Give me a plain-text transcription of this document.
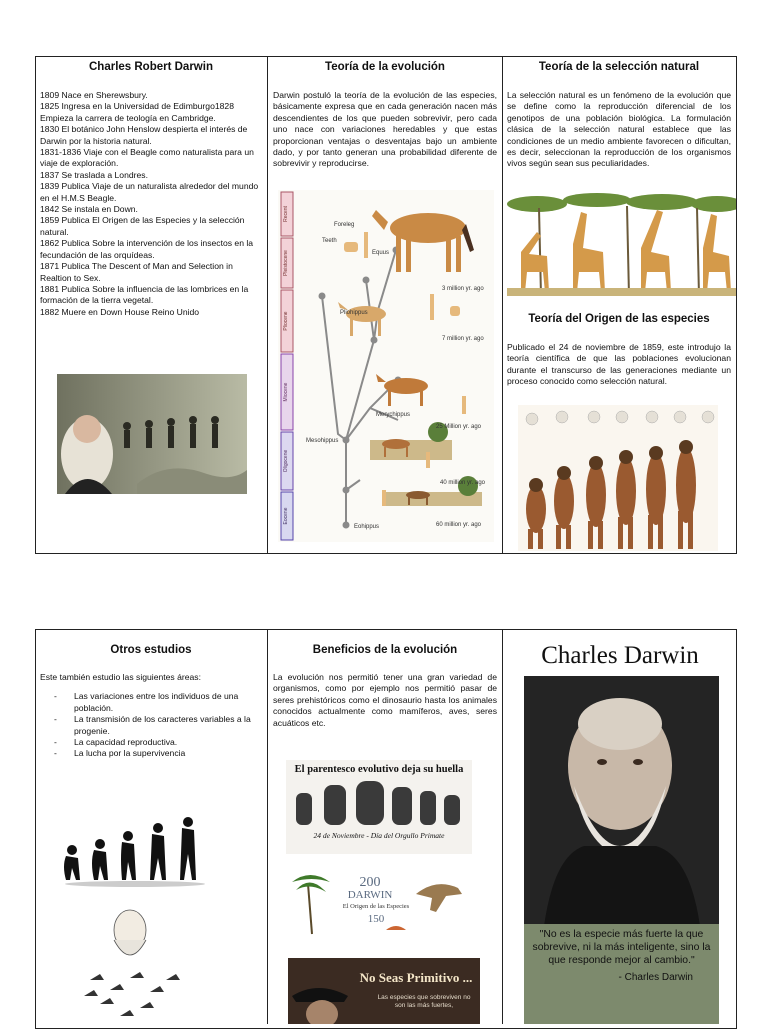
Charles Robert Darwin
1809 Nace en Sherewsbury.
1825 Ingresa en la Universidad de Edimburgo1828 Empieza la carrera de teología en Cambridge.
1830 El botánico John Henslow despierta el interés de Darwin por la historia natural.
1831-1836 Viaje con el Beagle como naturalista para un viaje de exploración.
1837 Se traslada a Londres.
1839 Publica Viaje de un naturalista alrededor del mundo en el H.M.S Beagle.
1842 Se instala en Down.
1859 Publica El Origen de las Especies y la selección natural.
1862 Publica Sobre la intervención de los insectos en la fecundación de las orquídeas.
1871 Publica The Descent of Man and Selection in Realtion to Sex.
1881 Publica Sobre la influencia de las lombrices en la formación de la tierra vegetal.
1882 Muere en Down House Reino Unido
Teoría de la evolución
Darwin postuló la teoría de la evolución de las especies, básicamente expresa que en cada generación nacen más descendientes de los que pueden sobrevivir, pero cada uno nace con variaciones heredables y que estas proporcionan ventajas o desventajas bajo un ambiente dado, y por tanto generan una probabilidad diferente de sobrevivir y reproducirse.
Recent
Pleistocene
Pliocene
Miocene
Oligocene
Eocene
Foreleg
Teeth
Equus
Pliohippus
Merychippus
Mesohippus
Eohippus
3 million yr. ago
7 million yr. ago
25 Million yr. ago
40 million yr. ago
60 million yr. ago
Teoría de la selección natural
La selección natural es un fenómeno de la evolución que se define como la reproducción diferencial de los genotipos de una población biológica. La formulación clásica de la selección natural establece que las condiciones de un medio ambiente favorecen o dificultan, es decir, seleccionan la reproducción de los organismos vivos según sean sus peculiaridades.
Teoría del Origen de las especies
Publicado el 24 de noviembre de 1859, este introdujo la teoría científica de que las poblaciones evolucionan durante el transcurso de las generaciones mediante un proceso conocido como selección natural.
Otros estudios
Este también estudio las siguientes áreas:
- Las variaciones entre los individuos de una población.
- La transmisión de los caracteres variables a la progenie.
- La capacidad reproductiva.
- La lucha por la supervivencia
Beneficios de la evolución
La evolución nos permitió tener una gran variedad de organismos, como por ejemplo nos permitió pasar de seres prehistóricos como el dinosaurio hasta los animales conocidos actualmente como mamíferos, aves, seres acuáticos etc.
El parentesco evolutivo deja su huella
24 de Noviembre - Día del Orgullo Primate
200
DARWIN
El Origen de las Especies
150
No Seas Primitivo ...
Las especies que sobreviven no son las más fuertes,
Charles Darwin
"No es la especie más fuerte la que sobrevive, ni la más inteligente, sino la que responde mejor al cambio."
- Charles Darwin
